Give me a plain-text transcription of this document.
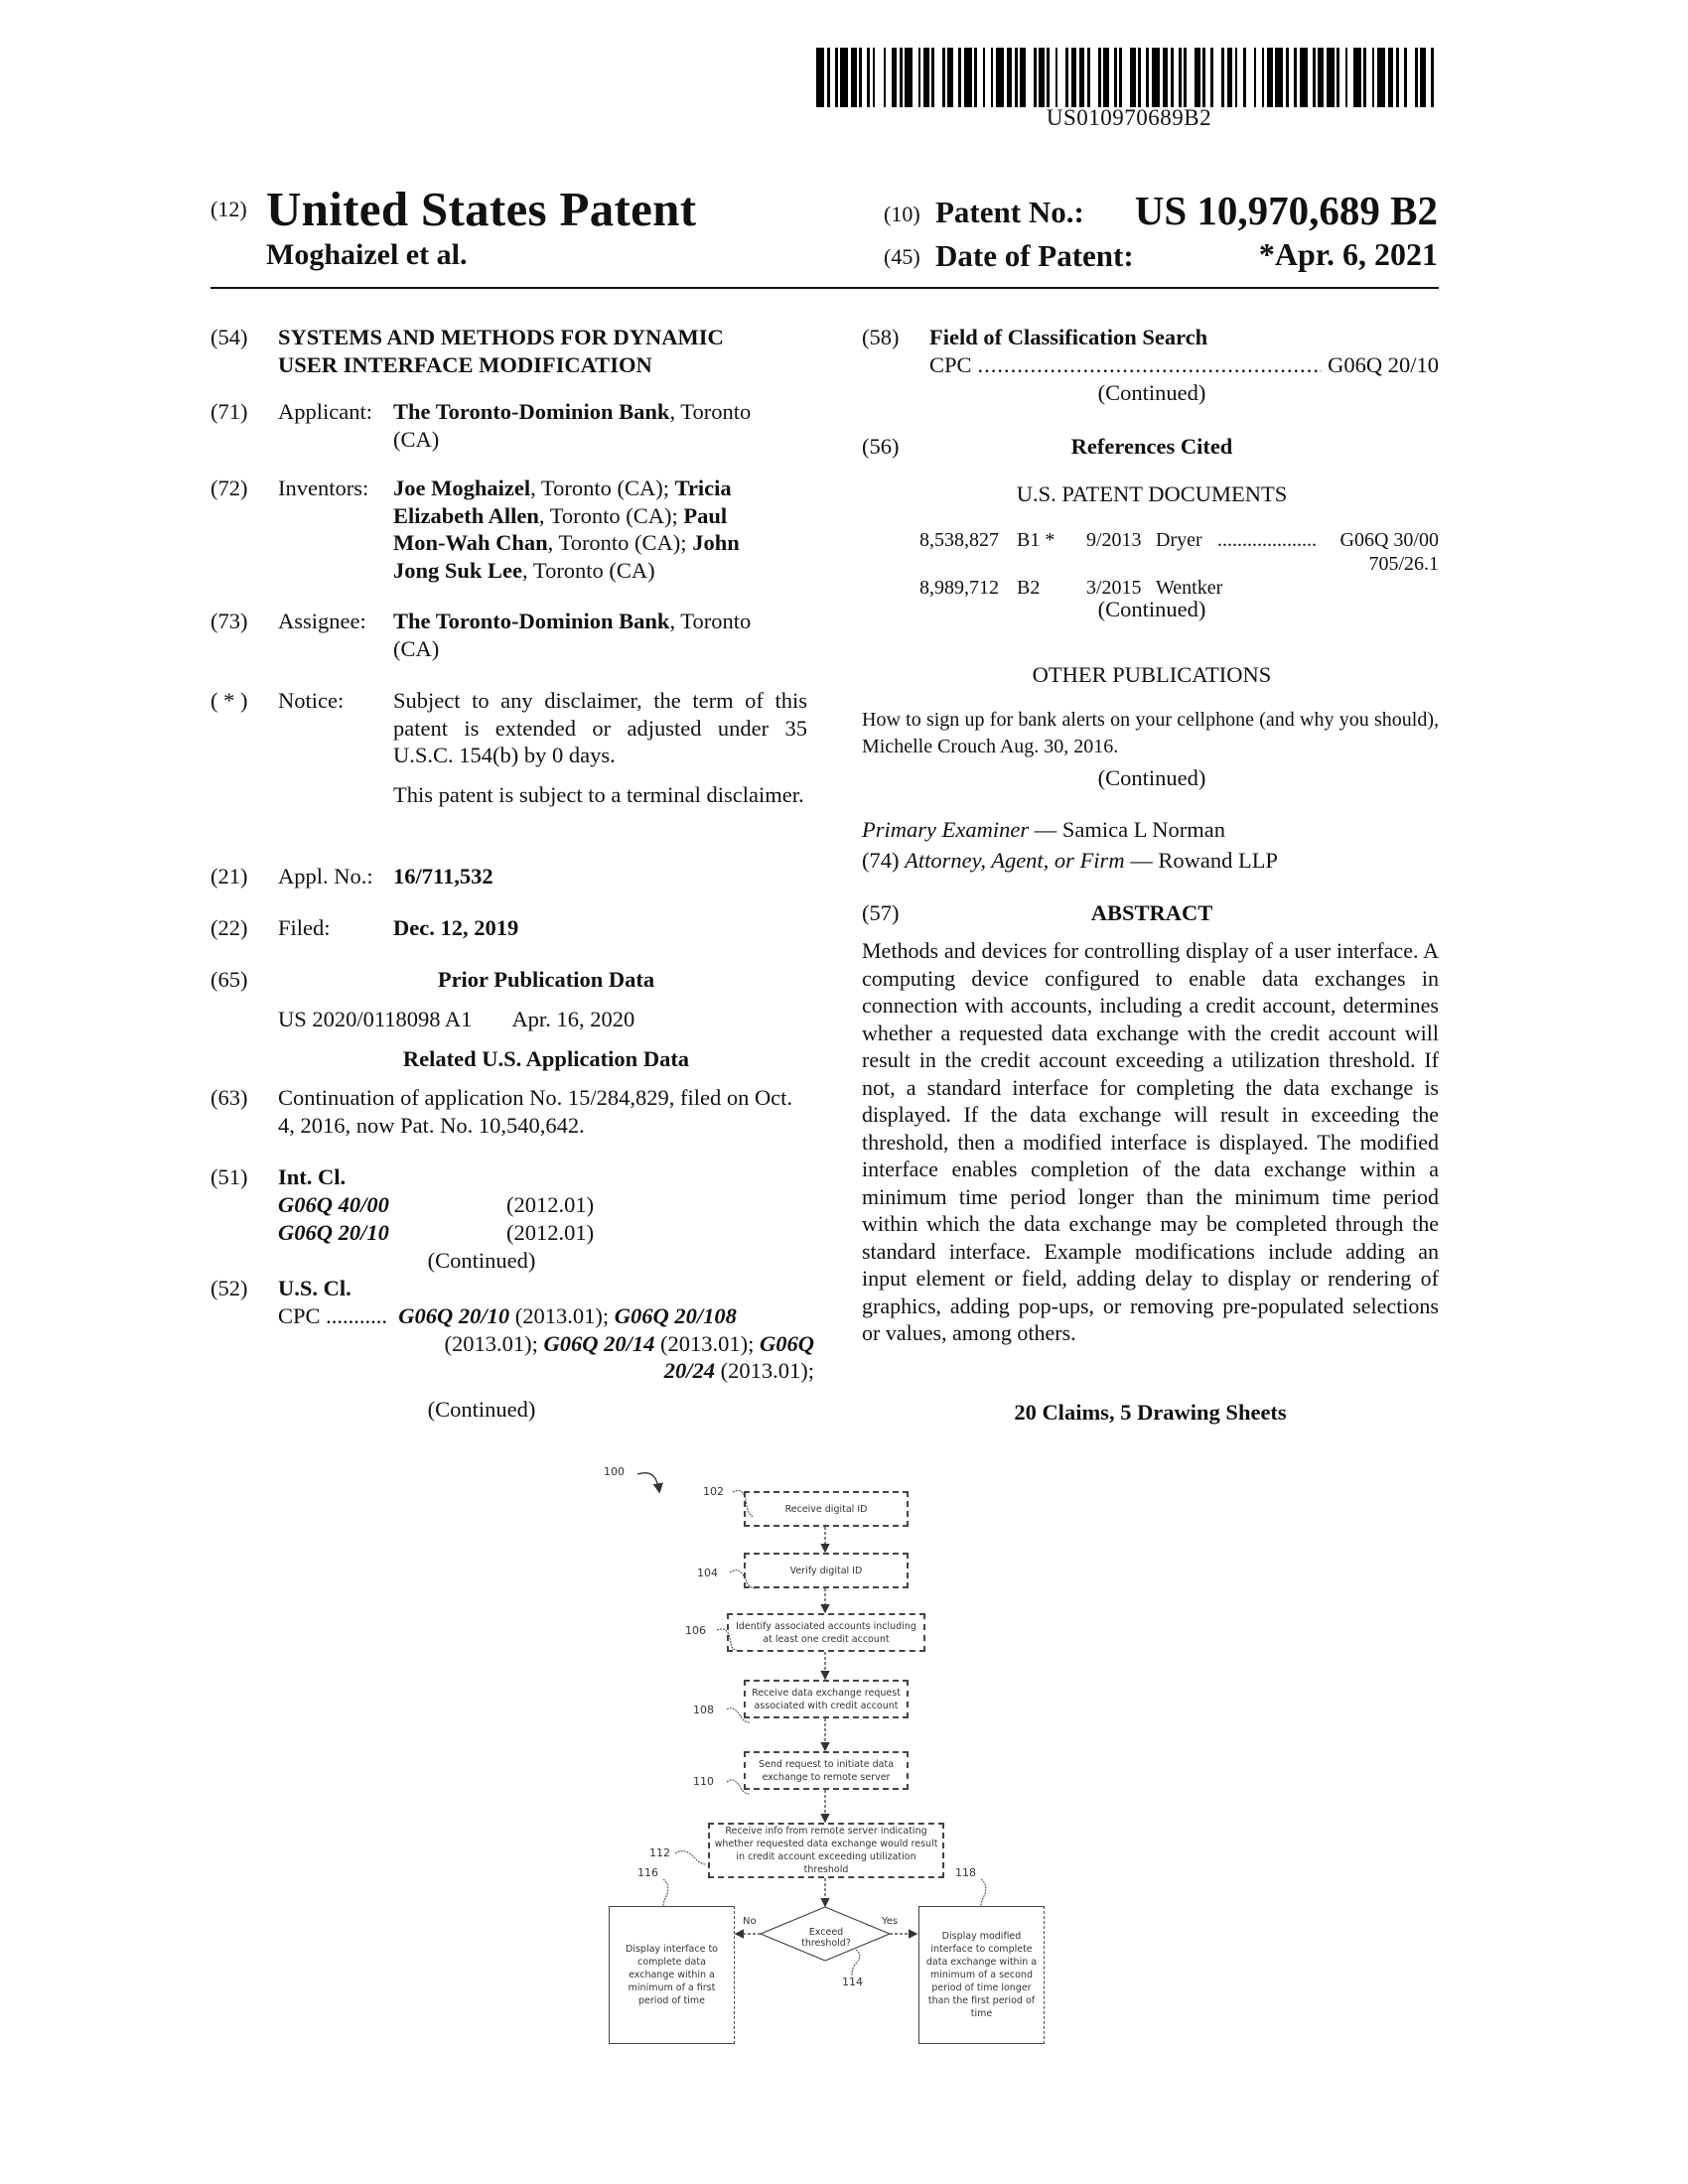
US010970689B2
(12) United States Patent
Moghaizel et al.
(10) Patent No.: US 10,970,689 B2
(45) Date of Patent:	*Apr. 6, 2021
(54) SYSTEMS AND METHODS FOR DYNAMIC
USER INTERFACE MODIFICATION
(71) Applicant: The Toronto-Dominion Bank, Toronto
(CA)
(72) Inventors: Joe Moghaizel, Toronto (CA); Tricia
Elizabeth Allen, Toronto (CA); Paul
Mon-Wah Chan, Toronto (CA); John
Jong Suk Lee, Toronto (CA)
(73) Assignee: The Toronto-Dominion Bank, Toronto
(CA)
( * ) Notice: Subject to any disclaimer, the term of this patent is extended or adjusted under 35 U.S.C. 154(b) by 0 days.
This patent is subject to a terminal disclaimer.
(21) Appl. No.: 16/711,532
(22) Filed:	Dec. 12, 2019
(65)	Prior Publication Data
US 2020/0118098 A1 Apr. 16, 2020
Related U.S. Application Data
(63) Continuation of application No. 15/284,829, filed on Oct. 4, 2016, now Pat. No. 10,540,642.
(51) Int. Cl.
G06Q 40/00	(2012.01)
G06Q 20/10	(2012.01)
(Continued)
(52) U.S. Cl.
CPC ........... G06Q 20/10 (2013.01); G06Q 20/108
(2013.01); G06Q 20/14 (2013.01); G06Q
20/24 (2013.01);
(Continued)
(58) Field of Classification Search
CPC ......................................................
G06Q 20/10
(Continued)
(56)	References Cited
U.S. PATENT DOCUMENTS
8,538,827 B1 * 9/2013 Dryer .................... G06Q 30/00
705/26.1
8,989,712 B2 3/2015 Wentker
(Continued)
OTHER PUBLICATIONS
How to sign up for bank alerts on your cellphone (and why you should), Michelle Crouch Aug. 30, 2016.
(Continued)
Primary Examiner — Samica L Norman
(74) Attorney, Agent, or Firm — Rowand LLP
(57)	ABSTRACT
Methods and devices for controlling display of a user interface. A computing device configured to enable data exchanges in connection with accounts, including a credit account, determines whether a requested data exchange with the credit account will result in the credit account exceeding a utilization threshold. If not, a standard interface for completing the data exchange is displayed. If the data exchange will result in exceeding the threshold, then a modified interface is displayed. The modified interface enables completion of the data exchange within a minimum time period longer than the minimum time period within which the data exchange may be completed through the standard interface. Example modifications include adding an input element or field, adding delay to display or rendering of graphics, adding pop-ups, or removing pre-populated selections or values, among others.
20 Claims, 5 Drawing Sheets
100
102
Receive digital ID
104	Verify digital ID
106	Identify associated accounts including at least one credit account
108
Receive data exchange request associated with credit account
110
Send request to initiate data exchange to remote server
112
Receive info from remote server indicating whether requested data exchange would result in credit account exceeding utilization threshold
Exceed threshold?
No	Yes
114
116
Display interface to complete data exchange within a minimum of a first period of time
118
Display modified interface to complete data exchange within a minimum of a second period of time longer than the first period of time
